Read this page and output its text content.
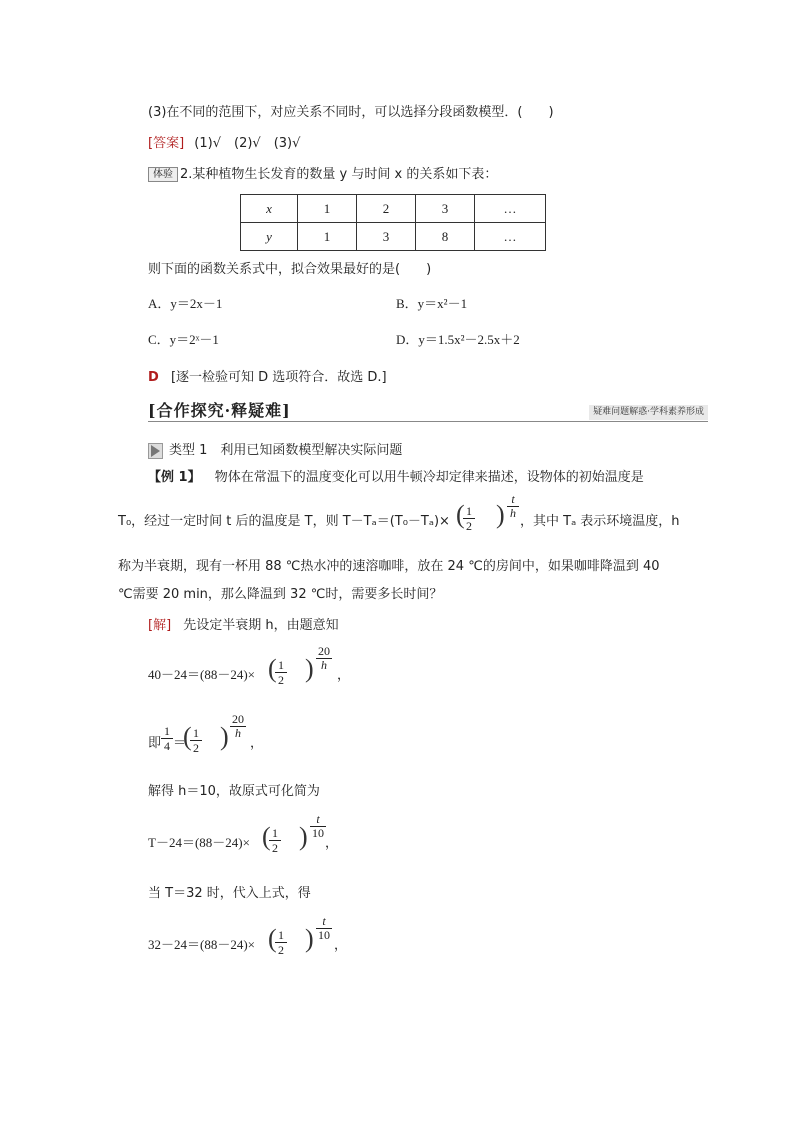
(3)在不同的范围下，对应关系不同时，可以选择分段函数模型．(　　)
[答案] (1)√　(2)√　(3)√
体验 2.某种植物生长发育的数量 y 与时间 x 的关系如下表：
x	1	2	3	…
y	1	3	8	…
则下面的函数关系式中，拟合效果最好的是(　　)
A．y＝2x－1	B．y＝x²－1
C．y＝2ˣ－1	D．y＝1.5x²－2.5x＋2
D [逐一检验可知 D 选项符合．故选 D.]
[合作探究·释疑难]	疑难问题解惑·学科素养形成
类型 1　利用已知函数模型解决实际问题
【例 1】 物体在常温下的温度变化可以用牛顿冷却定律来描述，设物体的初始温度是
T₀，经过一定时间 t 后的温度是 T，则 T－Tₐ＝(T₀－Tₐ)× (
$\frac{1}{2}$ ) $\frac{t}{h}$
，其中 Tₐ 表示环境温度，h
称为半衰期，现有一杯用 88 ℃热水冲的速溶咖啡，放在 24 ℃的房间中，如果咖啡降温到 40
℃需要 20 min，那么降温到 32 ℃时，需要多长时间？
[解] 先设定半衰期 h，由题意知
40－24＝(88－24)× (
$\frac{1}{2}$ ) $\frac{20}{h}$
，
即 $\frac{1}{4}$ ＝
(
$\frac{1}{2}$ ) $\frac{20}{h}$
，
解得 h＝10，故原式可化简为
T－24＝(88－24)× (
$\frac{1}{2}$ ) $\frac{t}{10}$
，
当 T＝32 时，代入上式，得
32－24＝(88－24)× (
$\frac{1}{2}$ ) $\frac{t}{10}$
，
